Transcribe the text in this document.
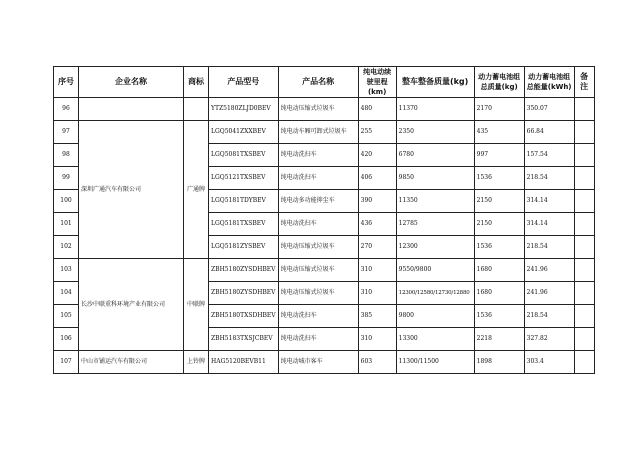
序号	企业名称	商标	产品型号	产品名称	纯电动续驶里程(km)	整车整备质量(kg)	动力蓄电池组总质量(kg)	动力蓄电池组总能量(kWh)	备注
96			YTZ5180ZLJD0BEV	纯电动压缩式垃圾车	480	11370	2170	350.07	
97	深圳广通汽车有限公司	广通牌	LGQ5041ZXXBEV	纯电动车厢可卸式垃圾车	255	2350	435	66.84	
98			LGQ5081TXSBEV	纯电动洗扫车	420	6780	997	157.54	
99			LGQ5121TXSBEV	纯电动洗扫车	406	9850	1536	218.54	
100			LGQ5181TDYBEV	纯电动多功能抑尘车	390	11350	2150	314.14	
101			LGQ5181TXSBEV	纯电动洗扫车	436	12785	2150	314.14	
102			LGQ5181ZYSBEV	纯电动压缩式垃圾车	270	12300	1536	218.54	
103	长沙中联重科环境产业有限公司	中联牌	ZBH5180ZYSDHBEV	纯电动压缩式垃圾车	310	9550/9800	1680	241.96	
104			ZBH5180ZYSDHBEV	纯电动压缩式垃圾车	310	12300/12580/12730/12880	1680	241.96	
105			ZBH5180TXSDHBEV	纯电动洗扫车	385	9800	1536	218.54	
106			ZBH5183TXSJCBEV	纯电动洗扫车	310	13300	2218	327.82	
107	中山市铺运汽车有限公司	上铃牌	HAG5120BEVB11	纯电动城市客车	603	11300/11500	1898	303.4	
